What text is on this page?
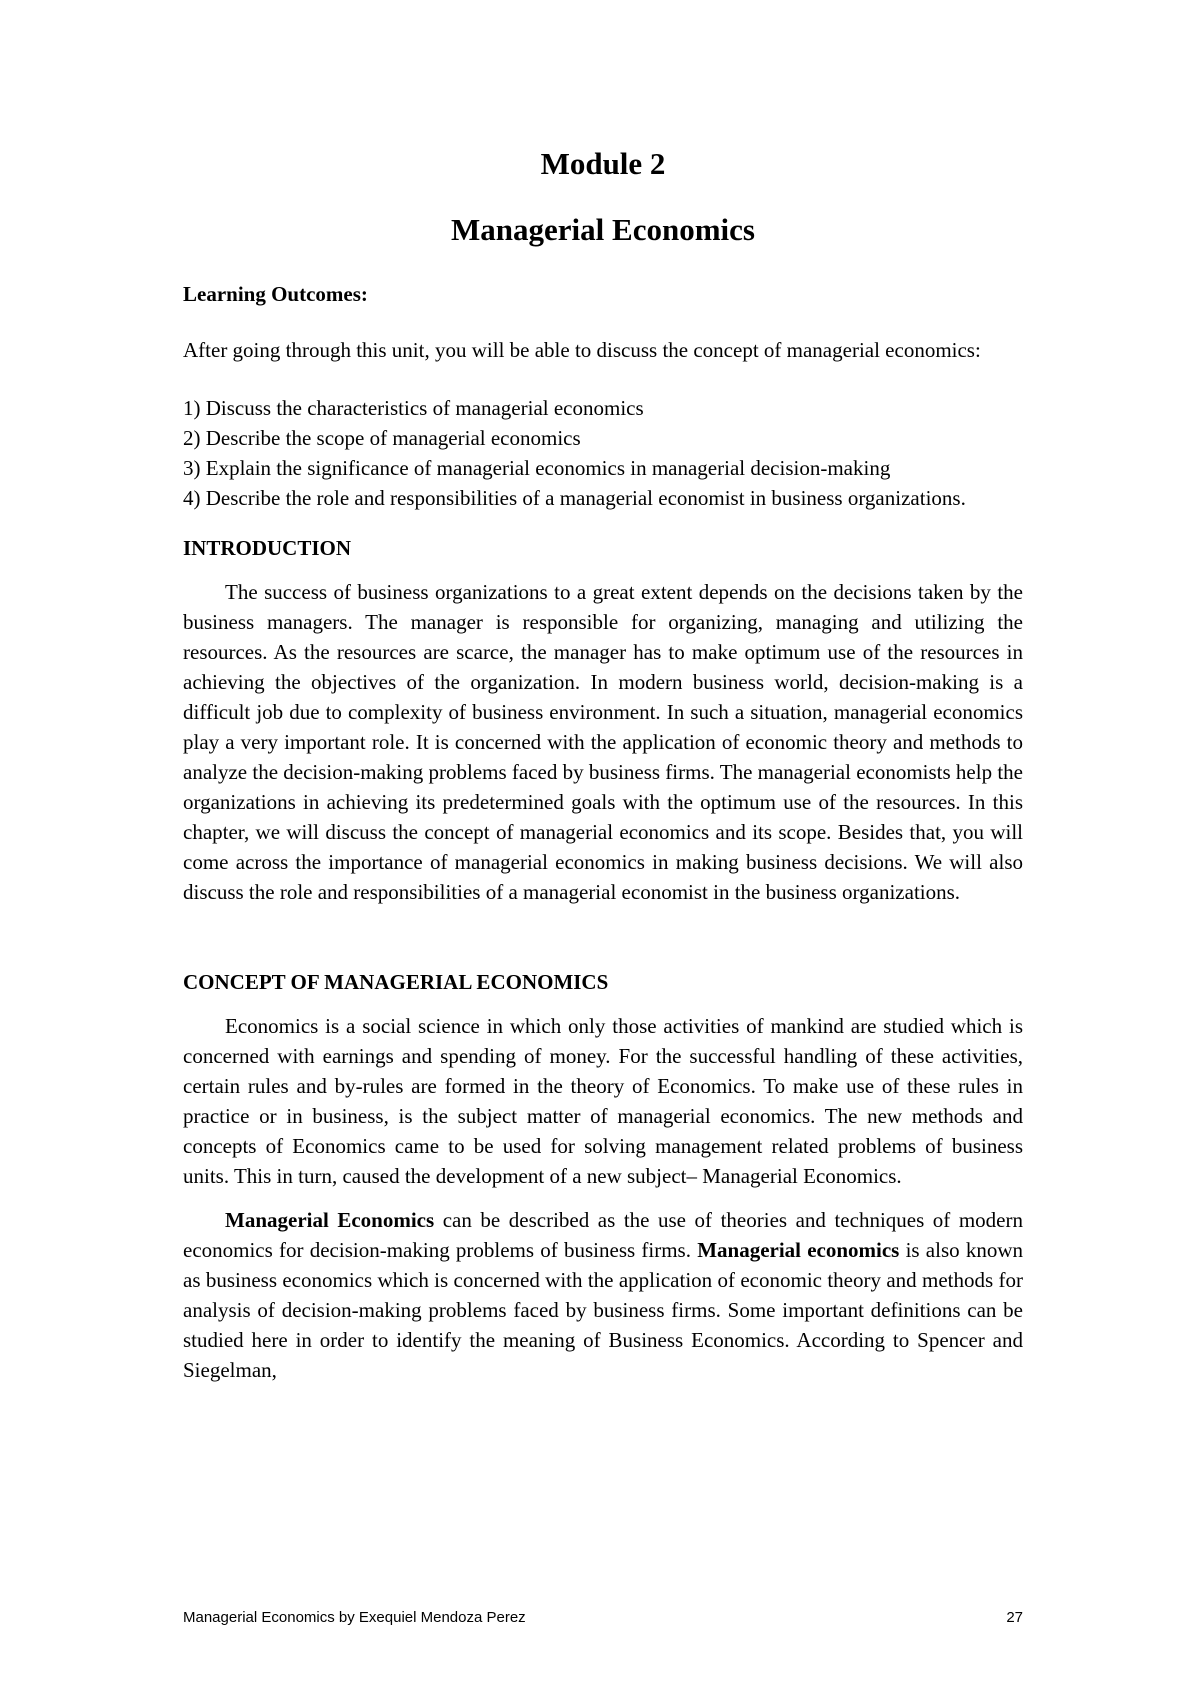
Module 2
Managerial Economics
Learning Outcomes:

After going through this unit, you will be able to discuss the concept of managerial economics:

1) Discuss the characteristics of managerial economics
2) Describe the scope of managerial economics
3) Explain the significance of managerial economics in managerial decision-making
4) Describe the role and responsibilities of a managerial economist in business organizations.
INTRODUCTION

The success of business organizations to a great extent depends on the decisions taken by the business managers. The manager is responsible for organizing, managing and utilizing the resources. As the resources are scarce, the manager has to make optimum use of the resources in achieving the objectives of the organization. In modern business world, decision-making is a difficult job due to complexity of business environment. In such a situation, managerial economics play a very important role. It is concerned with the application of economic theory and methods to analyze the decision-making problems faced by business firms. The managerial economists help the organizations in achieving its predetermined goals with the optimum use of the resources. In this chapter, we will discuss the concept of managerial economics and its scope. Besides that, you will come across the importance of managerial economics in making business decisions. We will also discuss the role and responsibilities of a managerial economist in the business organizations.

CONCEPT OF MANAGERIAL ECONOMICS

Economics is a social science in which only those activities of mankind are studied which is concerned with earnings and spending of money. For the successful handling of these activities, certain rules and by-rules are formed in the theory of Economics. To make use of these rules in practice or in business, is the subject matter of managerial economics. The new methods and concepts of Economics came to be used for solving management related problems of business units. This in turn, caused the development of a new subject– Managerial Economics.

Managerial Economics can be described as the use of theories and techniques of modern economics for decision-making problems of business firms. Managerial economics is also known as business economics which is concerned with the application of economic theory and methods for analysis of decision-making problems faced by business firms. Some important definitions can be studied here in order to identify the meaning of Business Economics. According to Spencer and Siegelman,

Managerial Economics by Exequiel Mendoza Perez	27
